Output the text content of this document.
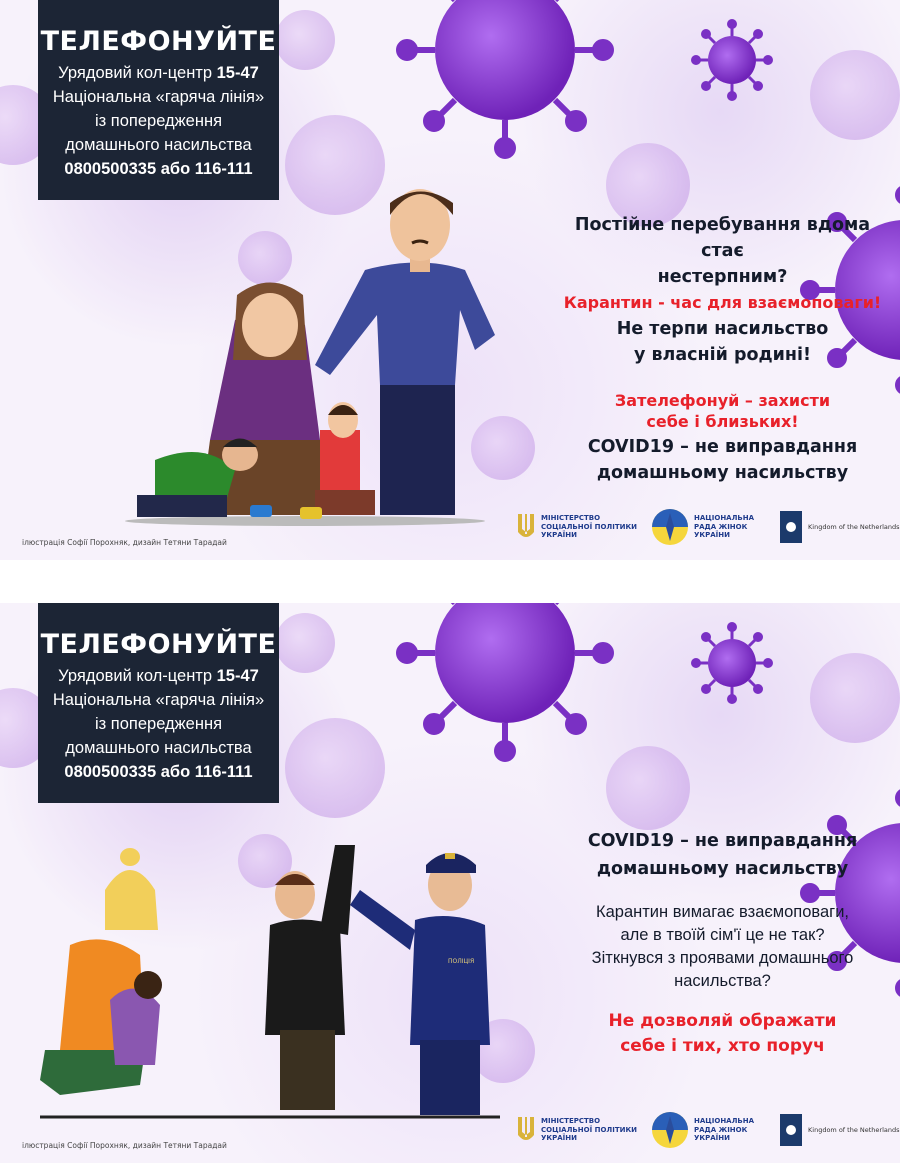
ТЕЛЕФОНУЙТЕ
Урядовий кол-центр 15-47
Національна «гаряча лінія»
із попередження
домашнього насильства
0800500335 або 116-111
Постійне перебування вдома стає
нестерпним?
Карантин - час для взаємоповаги!
Не терпи насильство
у власній родині!
Зателефонуй – захисти
себе і близьких!
COVID19 – не виправдання
домашньому насильству
ілюстрація Софії Порохняк, дизайн Тетяни Тарадай
МІНІСТЕРСТВО
СОЦІАЛЬНОЇ ПОЛІТИКИ
УКРАЇНИ
НАЦІОНАЛЬНА
РАДА ЖІНОК
УКРАЇНИ
Kingdom of the Netherlands
ТЕЛЕФОНУЙТЕ
Урядовий кол-центр 15-47
Національна «гаряча лінія»
із попередження
домашнього насильства
0800500335 або 116-111
ПОЛІЦІЯ
COVID19 – не виправдання
домашньому насильству
Карантин вимагає взаємоповаги,
але в твоїй сім'ї це не так?
Зіткнувся з проявами домашнього
насильства?
Не дозволяй ображати
себе і тих, хто поруч
ілюстрація Софії Порохняк, дизайн Тетяни Тарадай
МІНІСТЕРСТВО
СОЦІАЛЬНОЇ ПОЛІТИКИ
УКРАЇНИ
НАЦІОНАЛЬНА
РАДА ЖІНОК
УКРАЇНИ
Kingdom of the Netherlands
